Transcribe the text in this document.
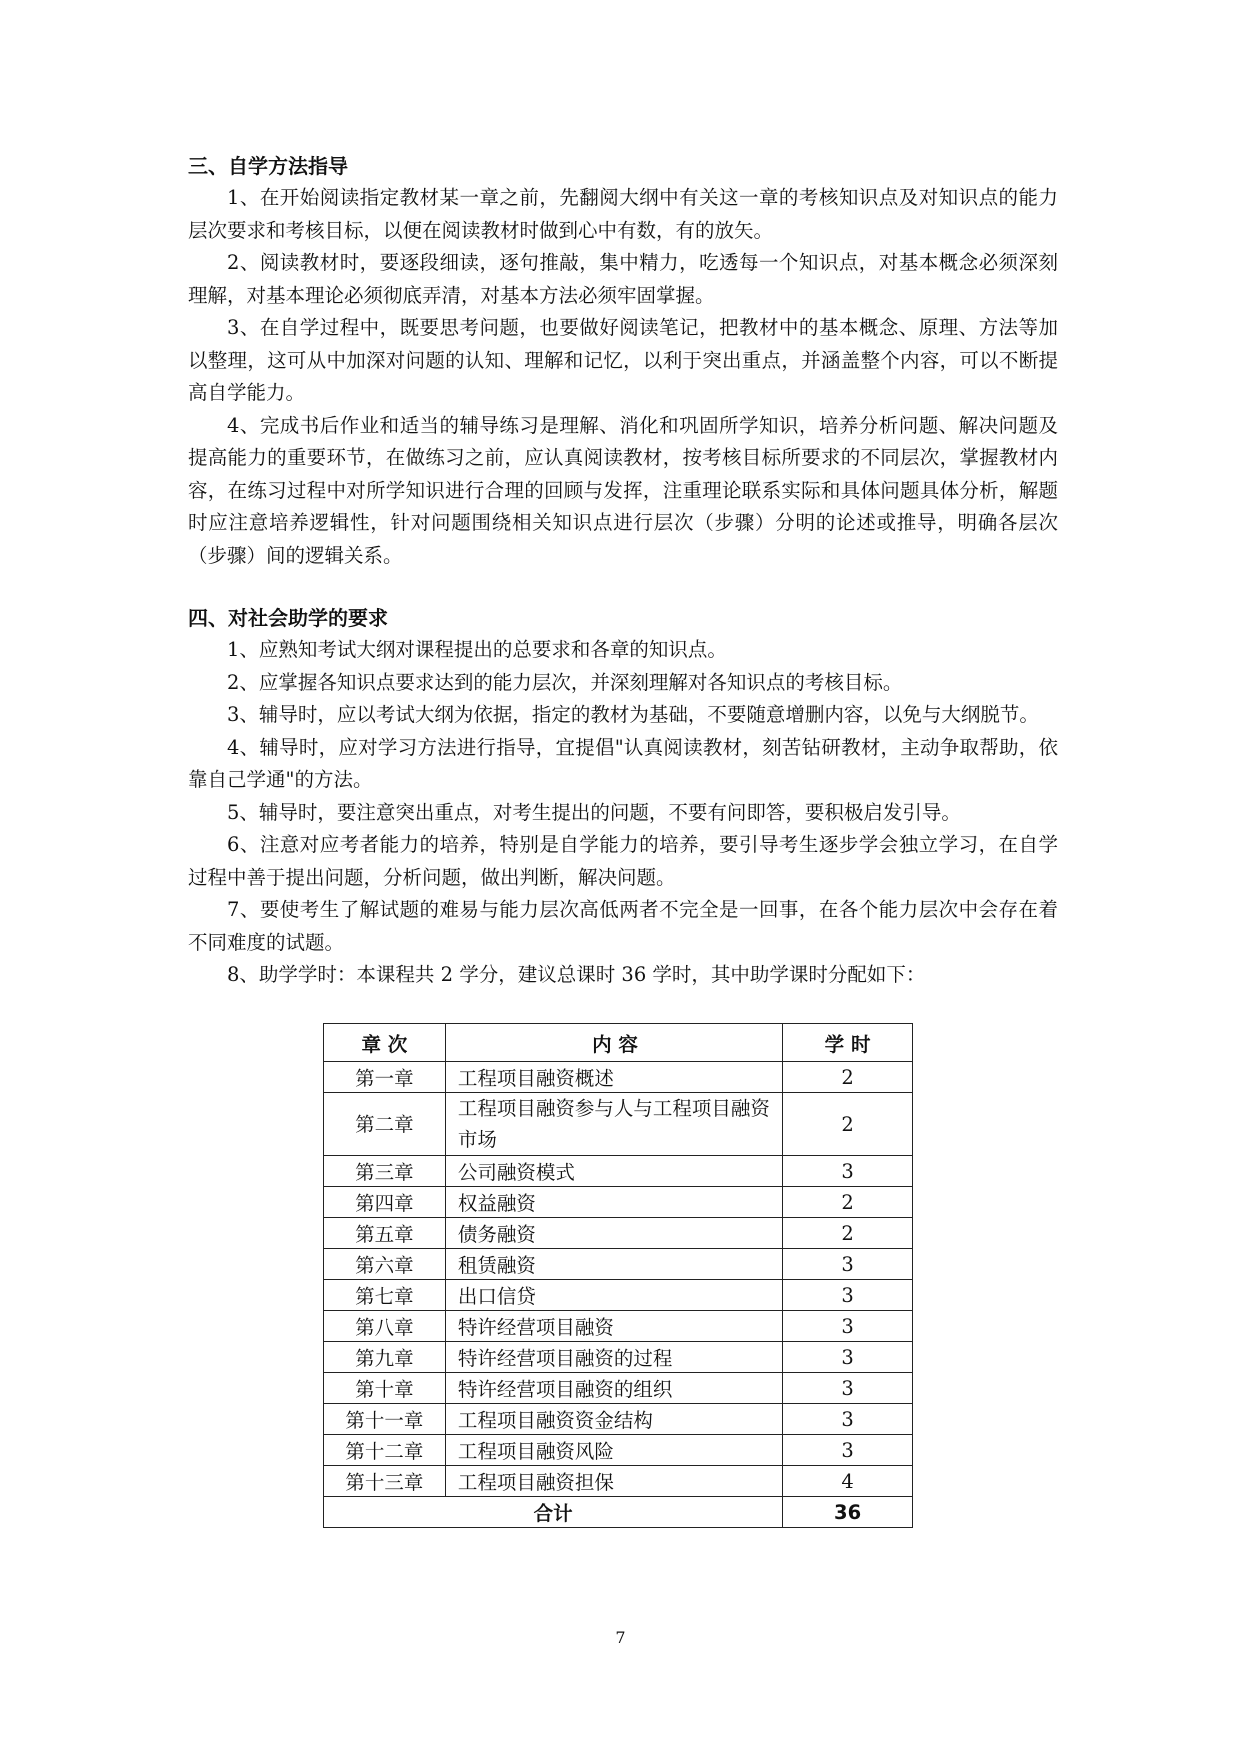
三、自学方法指导

1、在开始阅读指定教材某一章之前，先翻阅大纲中有关这一章的考核知识点及对知识点的能力层次要求和考核目标，以便在阅读教材时做到心中有数，有的放矢。

2、阅读教材时，要逐段细读，逐句推敲，集中精力，吃透每一个知识点，对基本概念必须深刻理解，对基本理论必须彻底弄清，对基本方法必须牢固掌握。

3、在自学过程中，既要思考问题，也要做好阅读笔记，把教材中的基本概念、原理、方法等加以整理，这可从中加深对问题的认知、理解和记忆，以利于突出重点，并涵盖整个内容，可以不断提高自学能力。

4、完成书后作业和适当的辅导练习是理解、消化和巩固所学知识，培养分析问题、解决问题及提高能力的重要环节，在做练习之前，应认真阅读教材，按考核目标所要求的不同层次，掌握教材内容，在练习过程中对所学知识进行合理的回顾与发挥，注重理论联系实际和具体问题具体分析，解题时应注意培养逻辑性，针对问题围绕相关知识点进行层次（步骤）分明的论述或推导，明确各层次（步骤）间的逻辑关系。

四、对社会助学的要求

1、应熟知考试大纲对课程提出的总要求和各章的知识点。

2、应掌握各知识点要求达到的能力层次，并深刻理解对各知识点的考核目标。

3、辅导时，应以考试大纲为依据，指定的教材为基础，不要随意增删内容，以免与大纲脱节。

4、辅导时，应对学习方法进行指导，宜提倡"认真阅读教材，刻苦钻研教材，主动争取帮助，依靠自己学通"的方法。

5、辅导时，要注意突出重点，对考生提出的问题，不要有问即答，要积极启发引导。

6、注意对应考者能力的培养，特别是自学能力的培养，要引导考生逐步学会独立学习，在自学过程中善于提出问题，分析问题，做出判断，解决问题。

7、要使考生了解试题的难易与能力层次高低两者不完全是一回事，在各个能力层次中会存在着不同难度的试题。

8、助学学时：本课程共 2 学分，建议总课时 36 学时，其中助学课时分配如下：

章 次	内 容	学 时
第一章	工程项目融资概述	2
第二章	工程项目融资参与人与工程项目融资市场	2
第三章	公司融资模式	3
第四章	权益融资	2
第五章	债务融资	2
第六章	租赁融资	3
第七章	出口信贷	3
第八章	特许经营项目融资	3
第九章	特许经营项目融资的过程	3
第十章	特许经营项目融资的组织	3
第十一章	工程项目融资资金结构	3
第十二章	工程项目融资风险	3
第十三章	工程项目融资担保	4
合计		36
7
